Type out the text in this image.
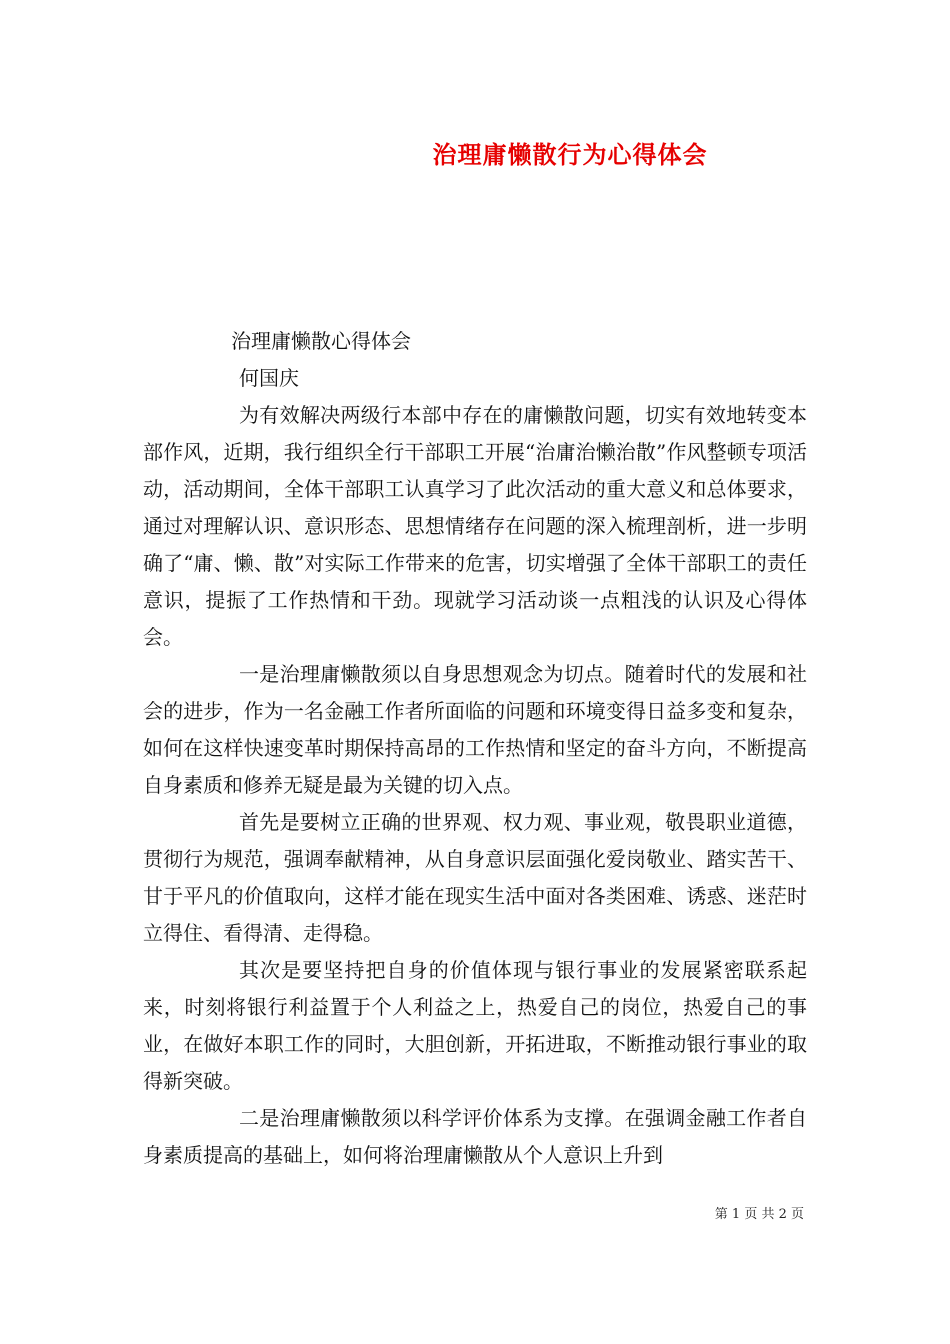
治理庸懒散行为心得体会
治理庸懒散心得体会
何国庆

为有效解决两级行本部中存在的庸懒散问题，切实有效地转变本部作风，近期，我行组织全行干部职工开展“治庸治懒治散”作风整顿专项活动，活动期间，全体干部职工认真学习了此次活动的重大意义和总体要求，通过对理解认识、意识形态、思想情绪存在问题的深入梳理剖析，进一步明确了“庸、懒、散”对实际工作带来的危害，切实增强了全体干部职工的责任意识，提振了工作热情和干劲。现就学习活动谈一点粗浅的认识及心得体会。

一是治理庸懒散须以自身思想观念为切点。随着时代的发展和社会的进步，作为一名金融工作者所面临的问题和环境变得日益多变和复杂，如何在这样快速变革时期保持高昂的工作热情和坚定的奋斗方向，不断提高自身素质和修养无疑是最为关键的切入点。

首先是要树立正确的世界观、权力观、事业观，敬畏职业道德，贯彻行为规范，强调奉献精神，从自身意识层面强化爱岗敬业、踏实苦干、甘于平凡的价值取向，这样才能在现实生活中面对各类困难、诱惑、迷茫时立得住、看得清、走得稳。

其次是要坚持把自身的价值体现与银行事业的发展紧密联系起来，时刻将银行利益置于个人利益之上，热爱自己的岗位，热爱自己的事业，在做好本职工作的同时，大胆创新，开拓进取，不断推动银行事业的取得新突破。

二是治理庸懒散须以科学评价体系为支撑。在强调金融工作者自身素质提高的基础上，如何将治理庸懒散从个人意识上升到

第 1 页 共 2 页
